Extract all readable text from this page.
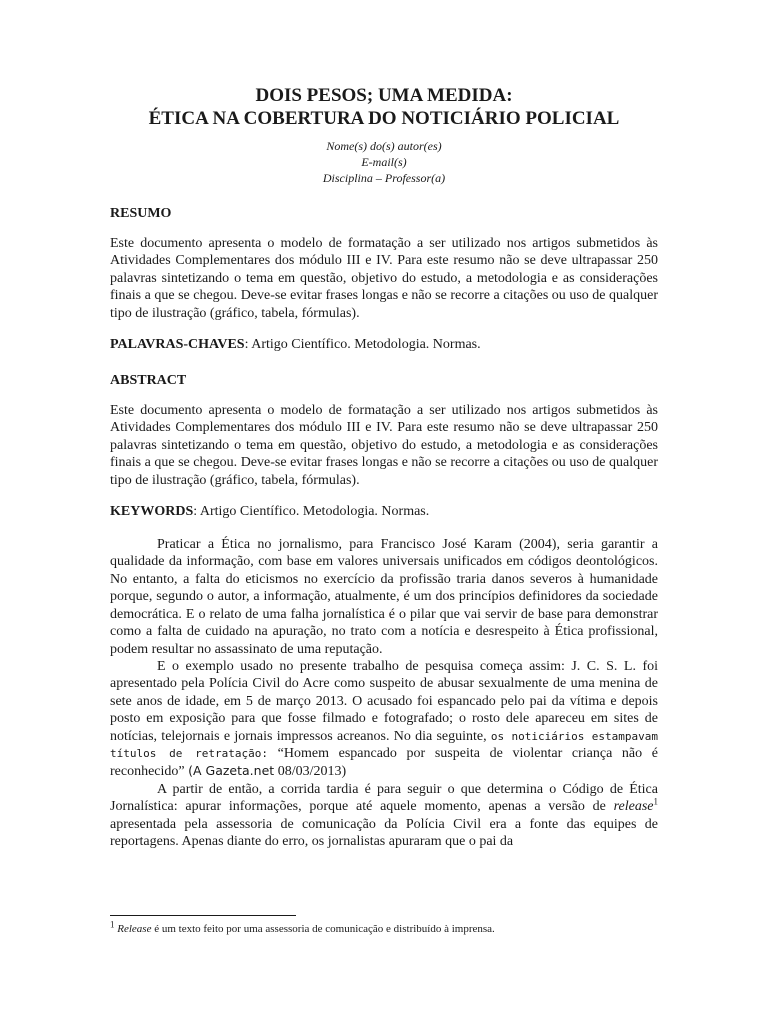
DOIS PESOS; UMA MEDIDA:
ÉTICA NA COBERTURA DO NOTICIÁRIO POLICIAL
Nome(s) do(s) autor(es)
E-mail(s)
Disciplina – Professor(a)
RESUMO

Este documento apresenta o modelo de formatação a ser utilizado nos artigos submetidos às Atividades Complementares dos módulo III e IV. Para este resumo não se deve ultrapassar 250 palavras sintetizando o tema em questão, objetivo do estudo, a metodologia e as considerações finais a que se chegou. Deve-se evitar frases longas e não se recorre a citações ou uso de qualquer tipo de ilustração (gráfico, tabela, fórmulas).

PALAVRAS-CHAVES: Artigo Científico. Metodologia. Normas.
ABSTRACT

Este documento apresenta o modelo de formatação a ser utilizado nos artigos submetidos às Atividades Complementares dos módulo III e IV. Para este resumo não se deve ultrapassar 250 palavras sintetizando o tema em questão, objetivo do estudo, a metodologia e as considerações finais a que se chegou. Deve-se evitar frases longas e não se recorre a citações ou uso de qualquer tipo de ilustração (gráfico, tabela, fórmulas).

KEYWORDS: Artigo Científico. Metodologia. Normas.

Praticar a Ética no jornalismo, para Francisco José Karam (2004), seria garantir a qualidade da informação, com base em valores universais unificados em códigos deontológicos. No entanto, a falta do eticismos no exercício da profissão traria danos severos à humanidade porque, segundo o autor, a informação, atualmente, é um dos princípios definidores da sociedade democrática. E o relato de uma falha jornalística é o pilar que vai servir de base para demonstrar como a falta de cuidado na apuração, no trato com a notícia e desrespeito à Ética profissional, podem resultar no assassinato de uma reputação.

E o exemplo usado no presente trabalho de pesquisa começa assim: J. C. S. L. foi apresentado pela Polícia Civil do Acre como suspeito de abusar sexualmente de uma menina de sete anos de idade, em 5 de março 2013. O acusado foi espancado pelo pai da vítima e depois posto em exposição para que fosse filmado e fotografado; o rosto dele apareceu em sites de notícias, telejornais e jornais impressos acreanos. No dia seguinte, os noticiários estampavam títulos de retratação: “Homem espancado por suspeita de violentar criança não é reconhecido” (A Gazeta.net 08/03/2013)

A partir de então, a corrida tardia é para seguir o que determina o Código de Ética Jornalística: apurar informações, porque até aquele momento, apenas a versão de release$^1$ apresentada pela assessoria de comunicação da Polícia Civil era a fonte das equipes de reportagens. Apenas diante do erro, os jornalistas apuraram que o pai da

$^1$ Release é um texto feito por uma assessoria de comunicação e distribuído à imprensa.
